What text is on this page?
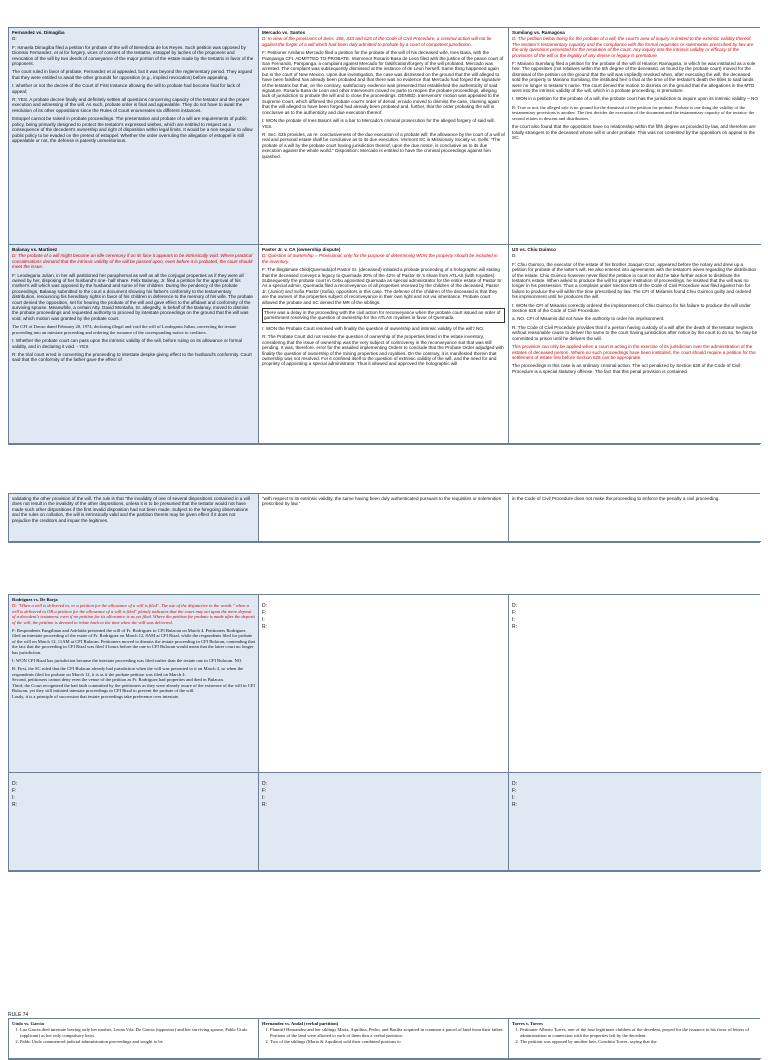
Fernandez vs. Dimagiba
D:
F: Ismaela Dimagiba filed a petition for probate of the will of Benedicta de los Reyes. Such petition was opposed by Dionisio Fernandez, et al for forgery, vices of consent of the testatrix, estoppel by laches of the proponent and revocation of the will by two deeds of conveyance of the major portion of the estate made by the testatrix in favor of the proponent.
The court ruled in favor of probate. Fernandez et al appealed, but it was beyond the reglementary period. They argued that they were entitled to await the other grounds for opposition (e.g., implied revocation) before appealing.
I: whether or not the decree of the Court of First Instance allowing the will to probate had become final for lack of appeal;
R: YES. A probate decree finally and definitely settles all questions concerning capacity of the testator and the proper execution and witnessing of the will. As such, probate order is final and appealable. They do not have to await the resolution of its other oppositions since the Rules of Court enumerates six different instances.
Estoppel cannot be raised in probate proceedings. The presentation and probate of a will are requirements of public policy, being primarily designed to protect the testator's expressed wishes, which are entitled to respect as a consequence of the decedent's ownership and right of disposition within legal limits. It would be a non sequitur to allow public policy to be evaded on the pretext of estoppel. Whether the order overruling the allegation of estoppel is still appealable or not, the defense is patently unmeritorious.
Mercado vs. Santos
D: In view of the provisions of Secs. 306, 333 and 625 of the Code of Civil Procedure, a criminal action will not lie against the forger of a will which had been duly admitted to probate by a court of competent jurisdiction.
F: Petitioner Antilano Mercado filed a petition for the probate of the will of his deceased wife, Ines Basa, with the Pampanga CFI. ADMITTED TO PROBATE. Intervenor Rosario Basa de Leon filed with the justice of the peace court of San Fernando, Pampanga, a complaint against Mercado for falsification/forgery of the will probated. Mercado was arrested. The complaint was subsequently dismissed at the instance of de Leon herself. Same thing happened again but in the court of New Mexico. Upon due investigation, the case was dismissed on the ground that the will alleged to have been falsified has already been probated and that there was no evidence that Mercado had forged the signature of the testatrix but that, on the contrary, satisfactory evidence was presented that established the authenticity of said signature. Rosario Basa de Leon and other Intervenors moved ex parte to reopen the probate proceedings, alleging lack of jurisdiction to probate the will and to close the proceedings. DENIED. Intervenors' motion was appealed to the Supreme Court, which affirmed the probate court's order of denial. ercado moved to dismiss the case, claiming again that the will alleged to have been forged had already been probated and, further, that the order probating the will is conclusive as to the authenticity and due execution thereof.
I: WON the probate of Ines Basa's will is a bar to Mercado's criminal prosecution for the alleged forgery of said will. YES.
R: Sec. 625 provides, as re: conclusiveness of the due execution of a probate will: the allowance by the court of a will of real and personal estate shall be conclusive as to its due execution. Vermont SC in Missionary Society vs. Eells: "The probate of a will by the probate court having jurisdiction thereof, upon the due notice, is conclusive as to its due execution against the whole world." Disposition: Mercado is entitled to have the criminal proceedings against him quashed.
Sumilang vs. Ramagosa
D: The petition below being for the probate of a will, the court's area of inquiry is limited to the extrinsic validity thereof. The testator's testamentary capacity and the compliance with the formal requisites or solemnities prescribed by law are the only questions presented for the resolution of the court. Any inquiry into the intrinsic validity or efficacy of the provisions of the will or the legality of any devise or legacy is premature.
F: Mariano Sumilang filed a petition for the probate of the will of Hilarion Ramagosa, in which he was instituted as a sole heir. The oppositors (not relatives within the 5th degree of the deceased, as found by the probate court) moved for the dismissal of the petition on the ground that the will was impliedly revoked when, after executing the will, the deceased sold the property to Mariano Sumilang, the instituted heir o that at the time of the testator's death the titles to said lands were no longer in testator's name. The court denied the motion to dismiss on the ground that the allegations in the MTD went into the intrinsic validity of the will, which in a probate proceeding, is premature.
I: WON in a petition for the probate of a will, the probate court has the jurisdiction to inquire upon its intrinsic validity – NO
R: True or not, the alleged sale is no ground for the dismissal of the petition for probate. Probate is one thing the validity of the testamentary provisions is another. The first decides the execution of the document and the testamentary capacity of the testator; the second relates to descent and distribution.
the court also found that the oppositors have no relationship within the fifth degree as provided by law, and therefore are totally strangers to the deceased whose will is under probate. This was not contested by the oppositors on appeal to the SC.
Balanay vs. Martinez
D: The probate of a will might become an idle ceremony if on its face it appears to be intrinsically void. Where practical considerations demand that the intrinsic validity of the will be passed upon, even before it is probated, the court should meet the issue.
F: Leodegaria Julian, in her will partitioned her paraphernal as well as all the conjugal properties as if they were all owned by her, disposing of her husband's one- half share. Felix Balanay, Jr. filed a petition for the approval of his mother's will which was opposed by the husband and some of her children. During the pendency of the probate proceedings, Balanay submitted to the court a document showing his father's conformity to the testamentary distribution, renouncing his hereditary rights in favor of his children in deference to the memory of his wife. The probate court denied the opposition, set for hearing the probate of the will and gave effect to the affidavit and conformity of the surviving spouse. Meanwhile, a certain Atty. David Montaña, Sr. allegedly, in behalf of the Balanay, moved to dismiss the probate proceedings and requested authority to proceed by intestate proceedings on the ground that the will was void, which motion was granted by the probate court.
The CFI of Davao dated February 28, 1974, declaring illegal and void the will of Leodegaria Julian, converting the testate proceeding into an intestate proceeding and ordering the issuance of the corresponding notice to creditors.
I: Whether the probate court can pass upon the intrinsic validity of the will, before ruling on its allowance or formal validity, and in declaring it void. - YES
R: the trial court erred in converting the proceeding to intestate despite giving effect to the husband's conformity. Court said that the conformity of the father gave the effect of
Pastor Jr. v. CA (ownership dispute)
D: Question of ownership = Provisional; only for the purpose of determining WON the property should be included in the inventory.
F: The illegitimate child(Quemada)of Pastor Sr. (deceased) initiated a probate proceeding of a holographic will stating that the deceased conveys a legacy to Quemada 30% of the 42% of Pastor Sr.'s share from ATLAS (with royalties). Subsequently the probate court in Cebu appointed Quemada as special administrator for the entire estate of Pastor Sr. As a special admin, Quemada filed a reconveyance of all properties received by the children of the deceased, Pastor Jr. (Junior) and Sofia Pastor (Sofia), oppositors in this case. The defense of the children of the deceased is that they are the owners of the properties subject of reconveyance in their own right and not via inheritance. Probate court allowed the probate and SC denied the MR of the siblings.
There was a delay in the proceeding with the civil action for reconveyance when the probate court issued an order of garnishment resolving the question of ownership for the ATLAS royalties in favor of Quemada
I: WON the Probate Court resolved with finality the question of ownership and intrinsic validity of the will? NO.
R: The Probate Court did not resolve the question of ownership of the properties listed in the estate inventory, considering that the issue of ownership was the very subject of controversy in the reconveyance suit that was still pending. It was, therefore, error for the assailed implementing Orders to conclude that the Probate Order adjudged with finality the question of ownership of the mining properties and royalties. On the contrary, it is manifested therein that ownership was not resolved. For it confined itself to the question of extrinsic validity of the will, and the need for and propriety of appointing a special administrator. Thus it allowed and approved the holographic will
US vs. Chiu Guimco
D:
F: Chiu Guimco, the executor of the estate of his brother Joaquin Cruz, appeared before the notary and drew up a petition for probate of the latter's will. He also entered into agreements with the testator's wives regarding the distribution of the estate. Chiu Guimco however never filed the petition in court nor did he take further action to distribute the testator's estate. When asked to produce the will for proper institution of proceedings, he insisted that the will was no longer in his possession. Thus a complaint under Section 628 of the Code of Civil Procedure was filed against him for failure to produce the will within the time prescribed by law. The CFI of Misamis found Chiu Guimco guilty and ordered his imprisonment until he produces the will.
I: WON the CFI of Misamis correctly ordered the imprisonment of Chiu Guimco for his failure to produce the will under Section 628 of the Code of Civil Procedure.
a. NO. CFI of Misamis did not have the authority to order his imprisonment.
R: The Code of Civil Procedure provides that if a person having custody of a will after the death of the testator neglects without reasonable cause to deliver the same to the court having jurisdiction after notice by the court to do so, he may be committed to prison until he delivers the will.
This provision can only be applied when a court is acting in the exercise of its jurisdiction over the administration of the estates of deceased person. Where no such proceedings have been instituted, the court should require a petition for the settlement of estate first before Section 628 can be appropriate.
The proceedings in this case is an ordinary criminal action. The act penalized by Section 628 of the Code of Civil Procedure is a special statutory offense. The fact that this penal provision is contained
validating the other provision of the will. The rule is that "the invalidity of one of several dispositions contained in a will does not result in the invalidity of the other dispositions, unless it is to be presumed that the testator would not have made such other dispositions if the first invalid disposition had not been made. Subject to the foregoing observations and the rules on collation, the will is intrinsically valid and the partition therein may be given effect if it does not prejudice the creditors and impair the legitimes.
"with respect to its extrinsic validity, the same having been duly authenticated pursuant to the requisites or solemnities prescribed by law."
in the Code of Civil Procedure does not make the proceeding to enforce the penalty a civil proceeding.
Rodriguez vs. De Borja
D: "When a will is delivered to, or a petition for the allowance of a will is filed". The use of the disjunctive in the words " when a will is delivered to OR a petition for the allowance of a will is filed" plainly indicates that the court may act upon the mere deposit of a decedent's testament, even if no petition for its allowance is as yet filed. Where the petition for probate is made after the deposit of the will, the petition is deemed to relate back to the time when the will was delivered.
F: Respondents Pangilinan and Adelaida presented the will of Fr. Rodriguez to CFI Bulacan on March 4. Petitioners Rodriguez filed an intestate proceeding of the estate of Fr. Rodriguez on March 12, 8AM at CFI Rizal, while the respondents filed for probate of the will on March 12, 11AM at CFI Bulacan. Petitioners moved to dismiss the testate proceeding in CFI Bulacan, contending that the fact that the proceeding in CFI Rizal was filed 3 hours before the one in CFI Bulacan would mean that the latter court no longer has jurisdiction.
I: WON CFI Rizal has jurisdiction because the intestate proceeding was filed earlier than the testate one in CFI Bulacan. NO.
R: First, the SC ruled that the CFI Bulacan already had jurisdiction when the will was presented to it on March 4, so when the respondents filed for probate on March 12, it is as if the probate petition was filed on March 4.
Second, petitioners cannot deny even the venue of the petition as Fr. Rodriguez had properties and died in Bulacan.
Third, the Court recognized the bad faith committed by the petitioners as they were already aware of the existence of the will in CFI Bulacan, yet they still initiated intestate proceedings in CFI Rizal to prevent the probate of the will.
Lastly, it is a principle of succession that testate proceedings take preference over intestate.
D:
F:
I:
R:
D:
F:
I:
R:
D:
F:
I:
R:
D:
F:
I:
R:
D:
F:
I:
R:
RULE 74
Utulo vs. Garcia
1. Luz Garcia died intestate leaving only her mother, Leona Vda. De Garcia (oppositor) and her surviving spouse, Pablo Utulo (applicant) as her only compulsory heirs.
2. Pablo Utulo commenced judicial administration proceedings and sought to be
Hernandez vs. Andal (verbal partition)
1. Plaintiff Hernandez and her siblings Maria, Aquilina, Pedro, and Basilia acquired in common a parcel of land from their father. Portions of the land were allotted to each of them thru a verbal partition.
2. Two of the siblings (Maria & Aquilina) sold their combined portions to
Torres v. Torres
1. Petitioner Alberto Torres, one of the four legitimate children of the decedent, prayed for the issuance in his favor of letters of administration in connection with the properties left by the decedent.
2. The petition was opposed by another heir, Conchita Torres, saying that the
